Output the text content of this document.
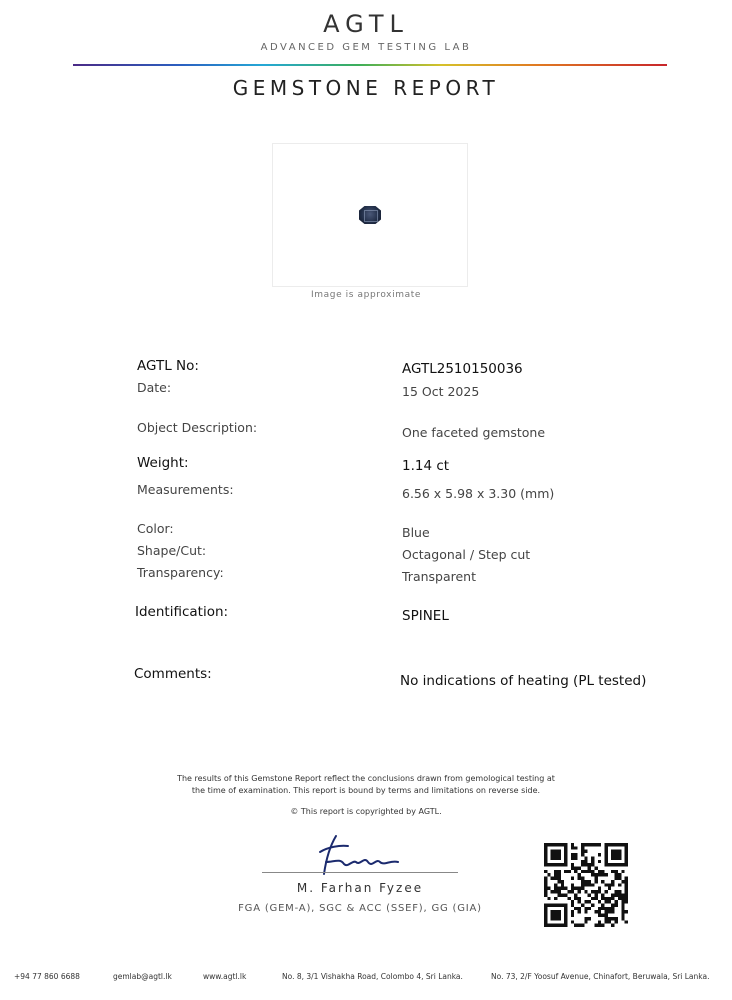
AGTL
ADVANCED GEM TESTING LAB
GEMSTONE REPORT
Image is approximate
AGTL No:	AGTL2510150036
Date:	15 Oct 2025
Object Description:	One faceted gemstone
Weight:	1.14 ct
Measurements:	6.56 x 5.98 x 3.30 (mm)
Color:	Blue
Shape/Cut:	Octagonal / Step cut
Transparency:	Transparent
Identification:	SPINEL
Comments:	No indications of heating (PL tested)
The results of this Gemstone Report reflect the conclusions drawn from gemological testing at
the time of examination. This report is bound by terms and limitations on reverse side.
© This report is copyrighted by AGTL.
M. Farhan Fyzee
FGA (GEM-A), SGC & ACC (SSEF), GG (GIA)
+94 77 860 6688	gemlab@agtl.lk	www.agtl.lk	No. 8, 3/1 Vishakha Road, Colombo 4, Sri Lanka.	No. 73, 2/F Yoosuf Avenue, Chinafort, Beruwala, Sri Lanka.
